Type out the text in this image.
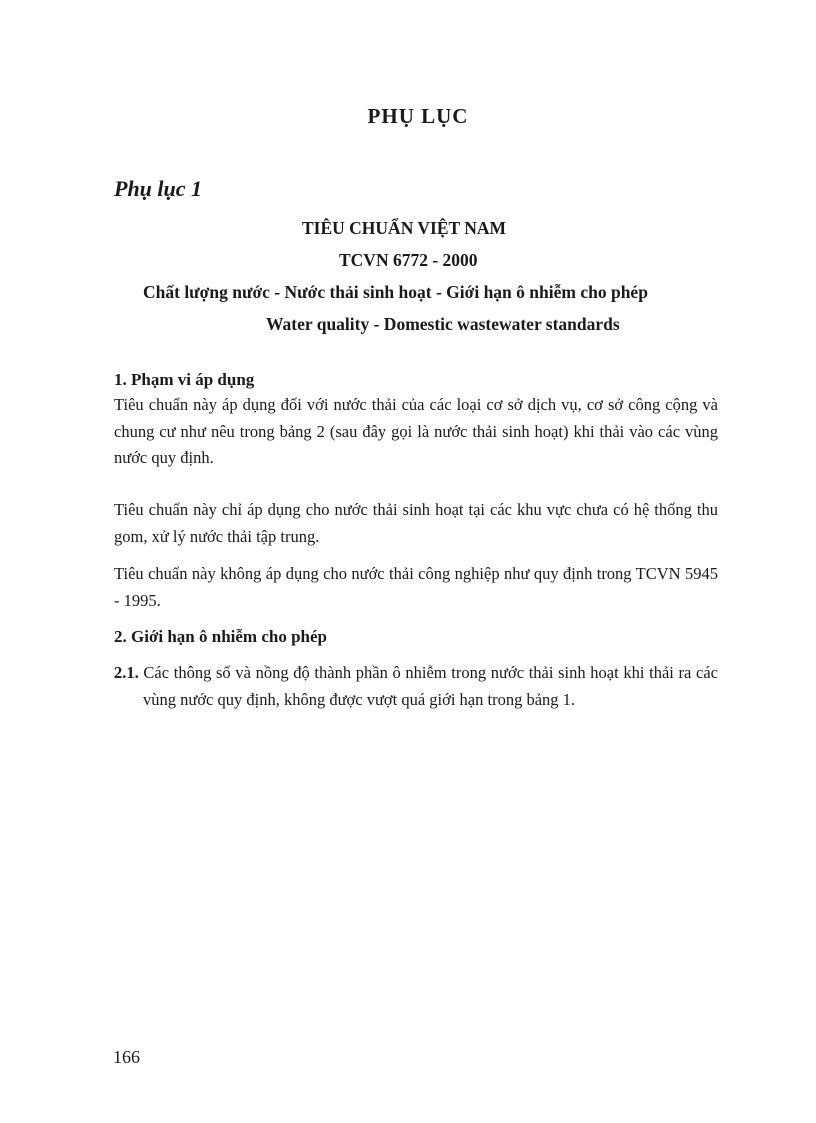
PHỤ LỤC
Phụ lục 1
TIÊU CHUẨN VIỆT NAM
TCVN 6772 - 2000
Chất lượng nước - Nước thải sinh hoạt - Giới hạn ô nhiễm cho phép
Water quality - Domestic wastewater standards
1. Phạm vi áp dụng

Tiêu chuẩn này áp dụng đối với nước thải của các loại cơ sở dịch vụ, cơ sở công cộng và chung cư như nêu trong bảng 2 (sau đây gọi là nước thải sinh hoạt) khi thải vào các vùng nước quy định.

Tiêu chuẩn này chỉ áp dụng cho nước thải sinh hoạt tại các khu vực chưa có hệ thống thu gom, xử lý nước thải tập trung.

Tiêu chuẩn này không áp dụng cho nước thải công nghiệp như quy định trong TCVN 5945 - 1995.

2. Giới hạn ô nhiễm cho phép
2.1. Các thông số và nồng độ thành phần ô nhiễm trong nước thải sinh hoạt khi thải ra các vùng nước quy định, không được vượt quá giới hạn trong bảng 1.
166
